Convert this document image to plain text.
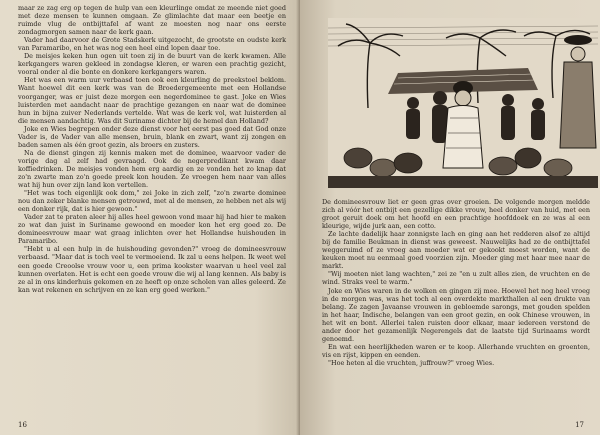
maar ze zag erg op tegen de hulp van een kleurlinge omdat ze meende niet goed met deze mensen te kunnen omgaan. Ze glimlachte dat maar een beetje en ruimde vlug de ontbijttafel af want ze moesten nog naar ons eerste zondagmorgen samen naar de kerk gaan.

Vader had daarvoor de Grote Stadskerk uitgezocht, de grootste en oudste kerk van Paramaribo, en het was nog een heel eind lopen daar toe.

De meisjes keken hun ogen uit toen zij in de buurt van de kerk kwamen. Alle kerkgangers waren gekleed in zondagse kleren, er waren een prachtig gezicht, vooral onder al die bonte en donkere kerkgangers waren.

Het was een warm uur verbaasd toen ook een kleurling de preekstoel beklom. Want hoewel dit een kerk was van de Broedergemeente met een Hollandse voorganger, was er juist deze morgen een negerdominee te gast. Joke en Wies luisterden met aandacht naar de prachtige gezangen en naar wat de dominee hun in bijna zuiver Nederlands vertelde. Wat was de kerk vol, wat luisterden al die mensen aandachtig. Was dit Suriname dichter bij de hemel dan Holland?

Joke en Wies begrepen onder deze dienst voor het eerst pas goed dat God onze Vader is, de Vader van alle mensen, bruin, blank en zwart, want zij zongen en baden samen als één groot gezin, als broers en zusters.

Na de dienst gingen zij kennis maken met de dominee, waarvoor vader de vorige dag al zelf had gevraagd. Ook de negerpredikant kwam daar koffiedrinken. De meisjes vonden hem erg aardig en ze vonden het zo knap dat zo'n zwarte man zo'n goede preek kon houden. Ze vroegen hem naar van alles wat hij hun over zijn land kon vertellen.

"Het was toch eigenlijk ook dom," zei Joke in zich zelf, "zo'n zwarte dominee nou dan zeker blanke mensen getrouwd, met al de mensen, ze hebben net als wij een donker rijk, dat is hier gewoon."

Vader zat te praten aleer hij alles heel gewoon vond maar hij had hier te maken zo wat dan juist in Suriname gewoond en moeder kon het erg goed zo. De domineesvrouw maar wat graag inlichten over het Hollandse huishouden in Paramaribo.

"Hebt u al een hulp in de huishouding gevonden?" vroeg de domineesvrouw verbaasd. "Maar dat is toch veel te vermoeiend. Ik zal u eens helpen. Ik weet wel een goede Creoolse vrouw voor u, een prima kookster waarvan u heel veel zal kunnen overlaten. Het is echt een goede vrouw die wij al lang kennen. Als baby is ze al in ons kinderhuis gekomen en ze heeft op onze scholen van alles geleerd. Ze kan wat rekenen en schrijven en ze kan erg goed werken."

16

De domineesvrouw liet er geen gras over groeien. De volgende morgen meldde zich al vóór het ontbijt een gezellige dikke vrouw, heel donker van huid, met een groot geruit doek om het hoofd en een prachtige hoofddoek en ze was al een kleurige, wijde jurk aan, een cotto.

Ze lachte dadelijk haar zonnigste lach en ging aan het redderen alsof ze altijd bij de familie Beukman in dienst was geweest. Nauwelijks had ze de ontbijttafel weggeruimd of ze vroeg aan moeder wat er gekookt moest worden, want de keuken moet nu eenmaal goed voorzien zijn. Moeder ging met haar mee naar de markt.

"Wij moeten niet lang wachten," zei ze "en u zult alles zien, de vruchten en de wind. Straks veel te warm."

Joke en Wies waren in de wolken en gingen zij mee. Hoewel het nog heel vroeg in de morgen was, was het toch al een overdekte markthallen al een drukte van belang. Ze zagen Javaanse vrouwen in gebloemde sarongs, met gouden spelden in het haar, Indische, belangen van een groot gezin, en ook Chinese vrouwen, in het wit en bont. Allerlei talen ruisten door elkaar, maar iedereen verstond de ander door het gezamenlijk Negerengels dat de laatste tijd Surinaams wordt genoemd.

En wat een heerlijkheden waren er te koop. Allerhande vruchten en groenten, vis en rijst, kippen en eenden.

"Hoe heten al die vruchten, juffrouw?" vroeg Wies.

17
